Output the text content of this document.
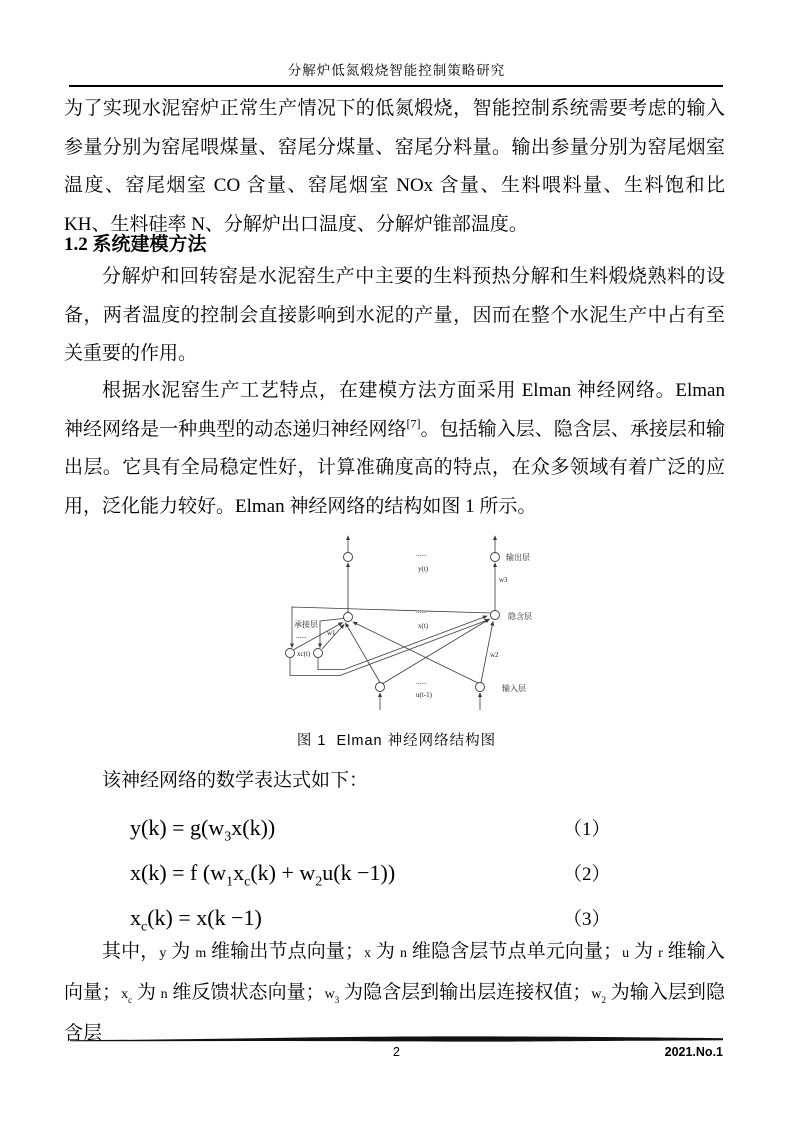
分解炉低氮煅烧智能控制策略研究

为了实现水泥窑炉正常生产情况下的低氮煅烧，智能控制系统需要考虑的输入参量分别为窑尾喂煤量、窑尾分煤量、窑尾分料量。输出参量分别为窑尾烟室温度、窑尾烟室 CO 含量、窑尾烟室 NOx 含量、生料喂料量、生料饱和比 KH、生料硅率 N、分解炉出口温度、分解炉锥部温度。

1.2 系统建模方法

分解炉和回转窑是水泥窑生产中主要的生料预热分解和生料煅烧熟料的设备，两者温度的控制会直接影响到水泥的产量，因而在整个水泥生产中占有至关重要的作用。

根据水泥窑生产工艺特点，在建模方法方面采用 Elman 神经网络。Elman 神经网络是一种典型的动态递归神经网络[7]。包括输入层、隐含层、承接层和输出层。它具有全局稳定性好，计算准确度高的特点，在众多领域有着广泛的应用，泛化能力较好。Elman 神经网络的结构如图 1 所示。

......
y(t)
输出层
w3
......
x(t)
隐含层
承接层
......
xc(t)
w1
w2
......
u(t-1)
输入层
图 1  Elman 神经网络结构图

该神经网络的数学表达式如下：

$y(k) = g(w_3x(k))$	（1）
x(k) = f $(w_1x_c(k) + w_2u(k -1))$	（2）
$x_c(k) = x(k -1)$	（3）

其中，y 为 m 维输出节点向量；x 为 n 维隐含层节点单元向量；u 为 r 维输入向量；$x_c$ 为 n 维反馈状态向量；$w_3$ 为隐含层到输出层连接权值；$w_2$ 为输入层到隐含层

2	2021.No.1
